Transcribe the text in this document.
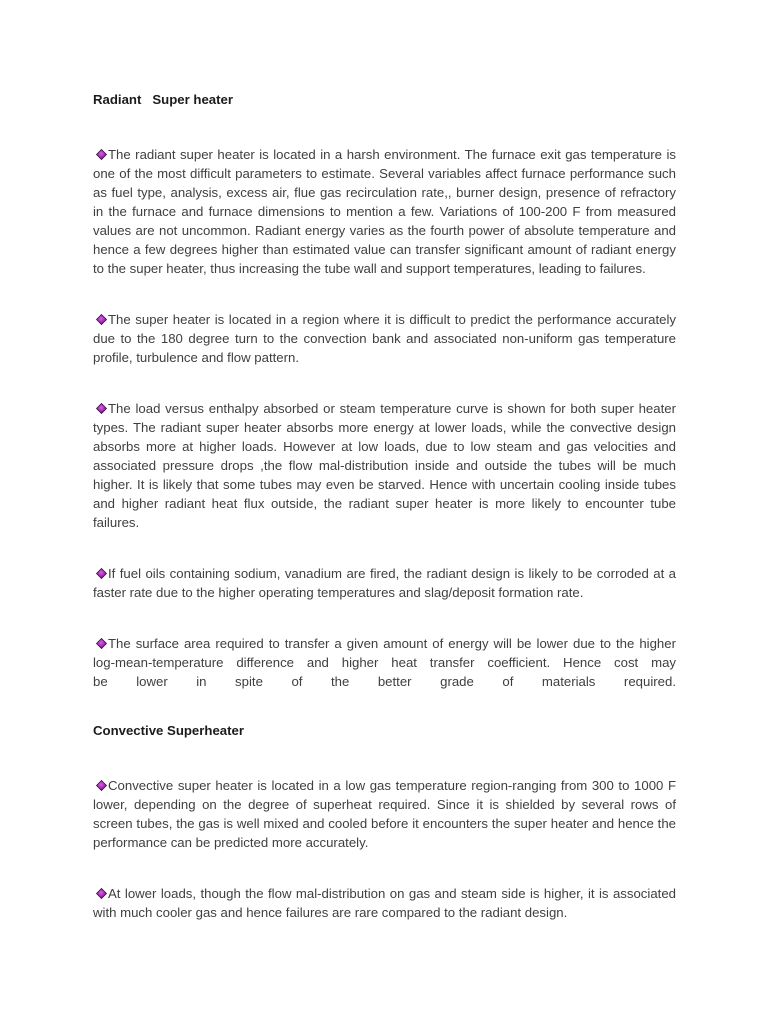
Radiant   Super heater
The radiant super heater is located in a harsh environment. The furnace exit gas temperature is one of the most difficult parameters to estimate. Several variables affect furnace performance such as fuel type, analysis, excess air, flue gas recirculation rate,, burner design, presence of refractory in the furnace and furnace dimensions to mention a few. Variations of 100-200 F from measured values are not uncommon. Radiant energy varies as the fourth power of absolute temperature and hence a few degrees higher than estimated value can transfer significant amount of radiant energy to the super heater, thus increasing the tube wall and support temperatures, leading to failures.
The super heater is located in a region where it is difficult to predict the performance accurately due to the 180 degree turn to the convection bank and associated non-uniform gas temperature profile, turbulence and flow pattern.
The load versus enthalpy absorbed or steam temperature curve is shown for both super heater types. The radiant super heater absorbs more energy at lower loads, while the convective design absorbs more at higher loads. However at low loads, due to low steam and gas velocities and associated pressure drops ,the flow mal-distribution inside and outside the tubes will be much higher. It is likely that some tubes may even be starved. Hence with uncertain cooling inside tubes and higher radiant heat flux outside, the radiant super heater is more likely to encounter tube failures.
If fuel oils containing sodium, vanadium are fired, the radiant design is likely to be corroded at a faster rate due to the higher operating temperatures and slag/deposit formation rate.
The surface area required to transfer a given amount of energy will be lower due to the higher log-mean-temperature difference and higher heat transfer coefficient. Hence cost may
be lower in spite of the better grade of materials required.
Convective Superheater
Convective super heater is located in a low gas temperature region-ranging from 300 to 1000 F lower, depending on the degree of superheat required. Since it is shielded by several rows of screen tubes, the gas is well mixed and cooled before it encounters the super heater and hence the performance can be predicted more accurately.
At lower loads, though the flow mal-distribution on gas and steam side is higher, it is associated with much cooler gas and hence failures are rare compared to the radiant design.
